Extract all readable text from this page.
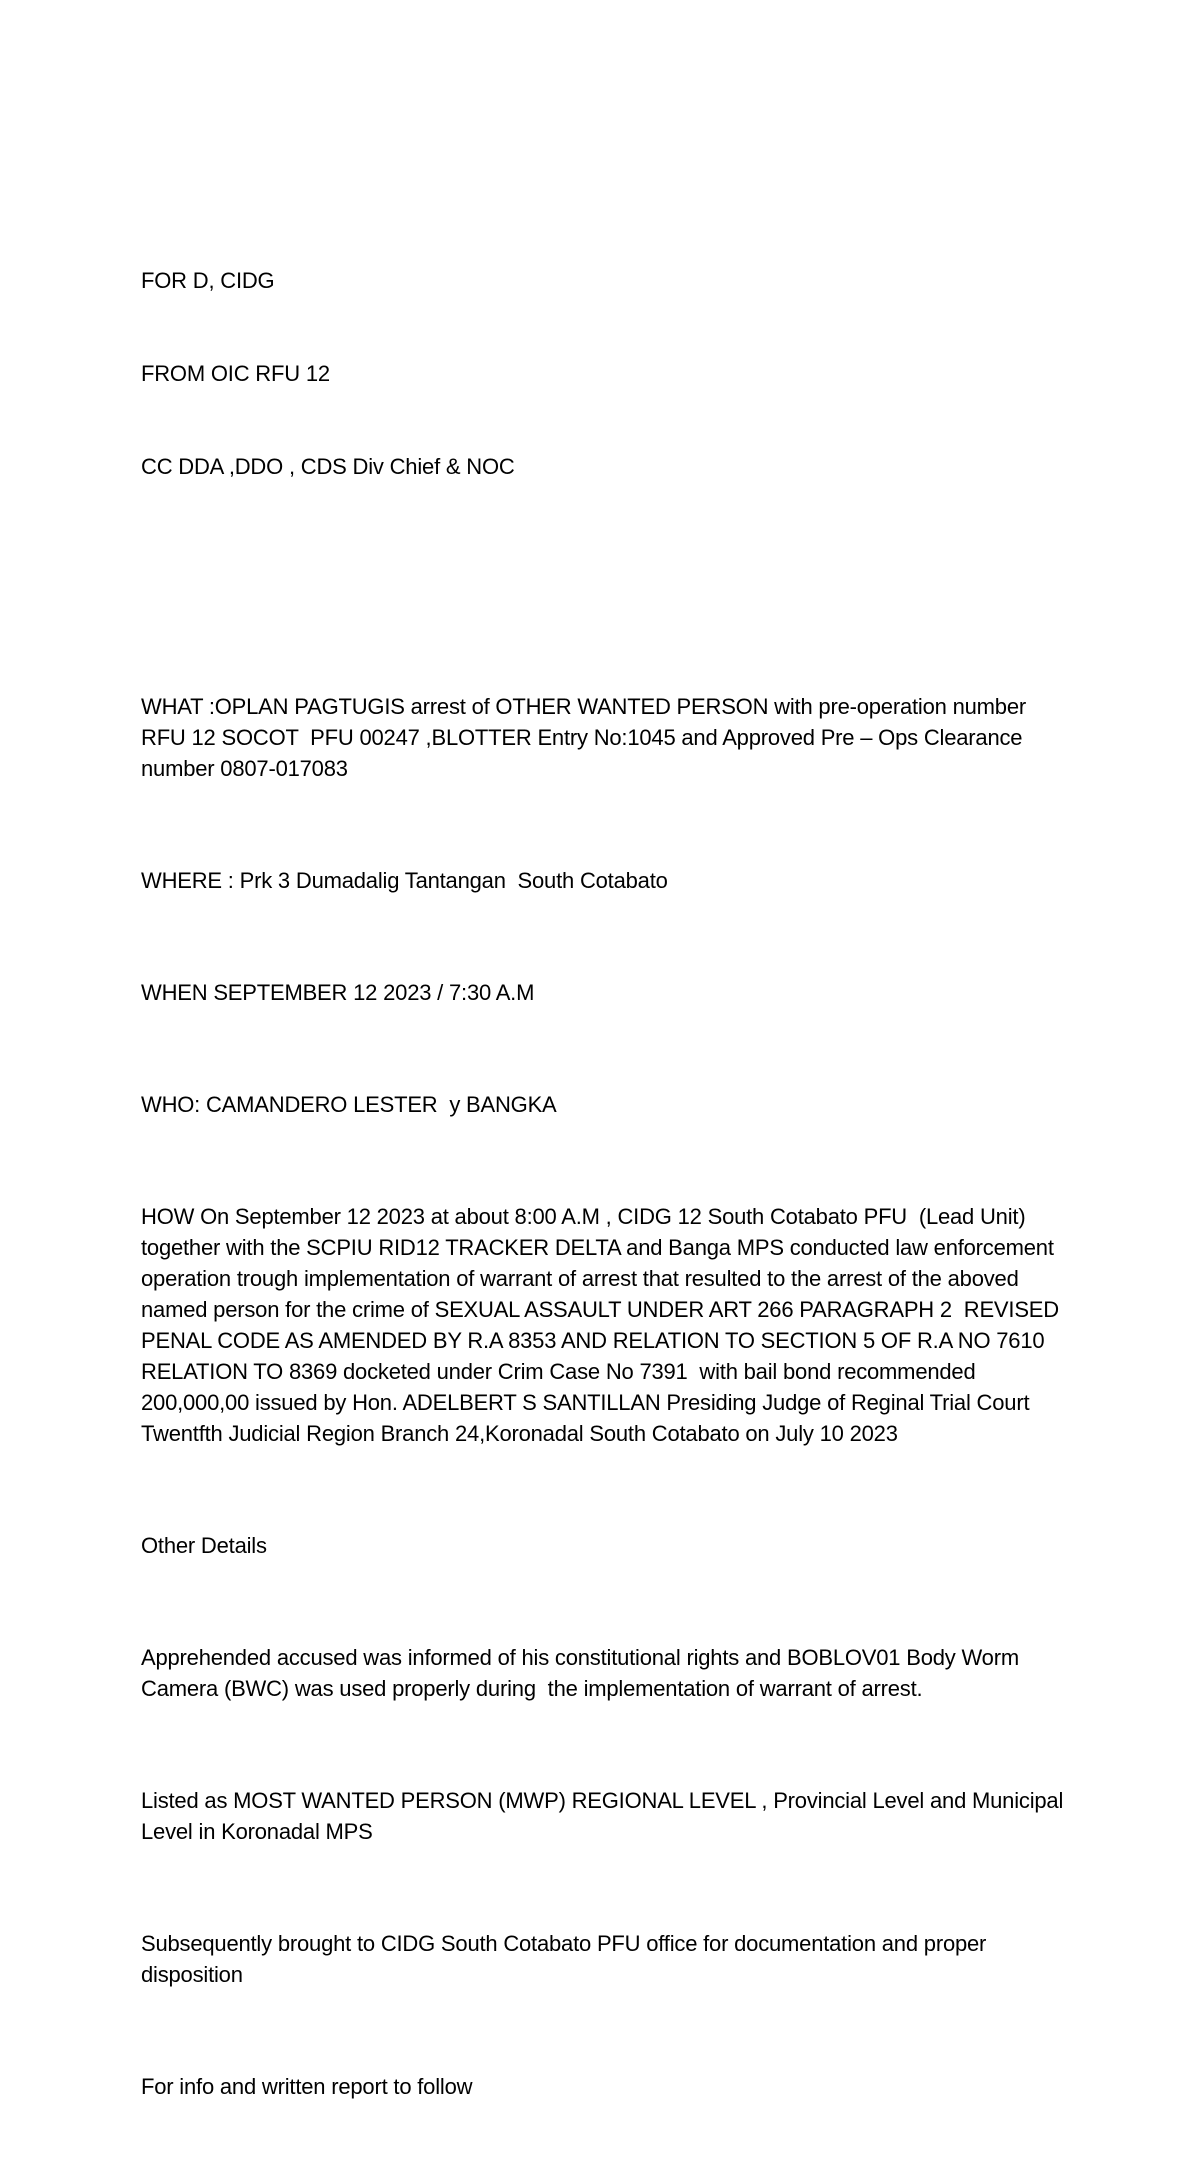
FOR D, CIDG

FROM OIC RFU 12

CC DDA ,DDO , CDS Div Chief & NOC

WHAT :OPLAN PAGTUGIS arrest of OTHER WANTED PERSON with pre-operation number RFU 12 SOCOT  PFU 00247 ,BLOTTER Entry No:1045 and Approved Pre – Ops Clearance number 0807-017083

WHERE : Prk 3 Dumadalig Tantangan  South Cotabato

WHEN SEPTEMBER 12 2023 / 7:30 A.M

WHO: CAMANDERO LESTER  y BANGKA

HOW On September 12 2023 at about 8:00 A.M , CIDG 12 South Cotabato PFU  (Lead Unit) together with the SCPIU RID12 TRACKER DELTA and Banga MPS conducted law enforcement operation trough implementation of warrant of arrest that resulted to the arrest of the aboved named person for the crime of SEXUAL ASSAULT UNDER ART 266 PARAGRAPH 2  REVISED PENAL CODE AS AMENDED BY R.A 8353 AND RELATION TO SECTION 5 OF R.A NO 7610 RELATION TO 8369 docketed under Crim Case No 7391  with bail bond recommended 200,000,00 issued by Hon. ADELBERT S SANTILLAN Presiding Judge of Reginal Trial Court Twentfth Judicial Region Branch 24,Koronadal South Cotabato on July 10 2023

Other Details

Apprehended accused was informed of his constitutional rights and BOBLOV01 Body Worm Camera (BWC) was used properly during  the implementation of warrant of arrest.

Listed as MOST WANTED PERSON (MWP) REGIONAL LEVEL , Provincial Level and Municipal Level in Koronadal MPS

Subsequently brought to CIDG South Cotabato PFU office for documentation and proper disposition

For info and written report to follow
